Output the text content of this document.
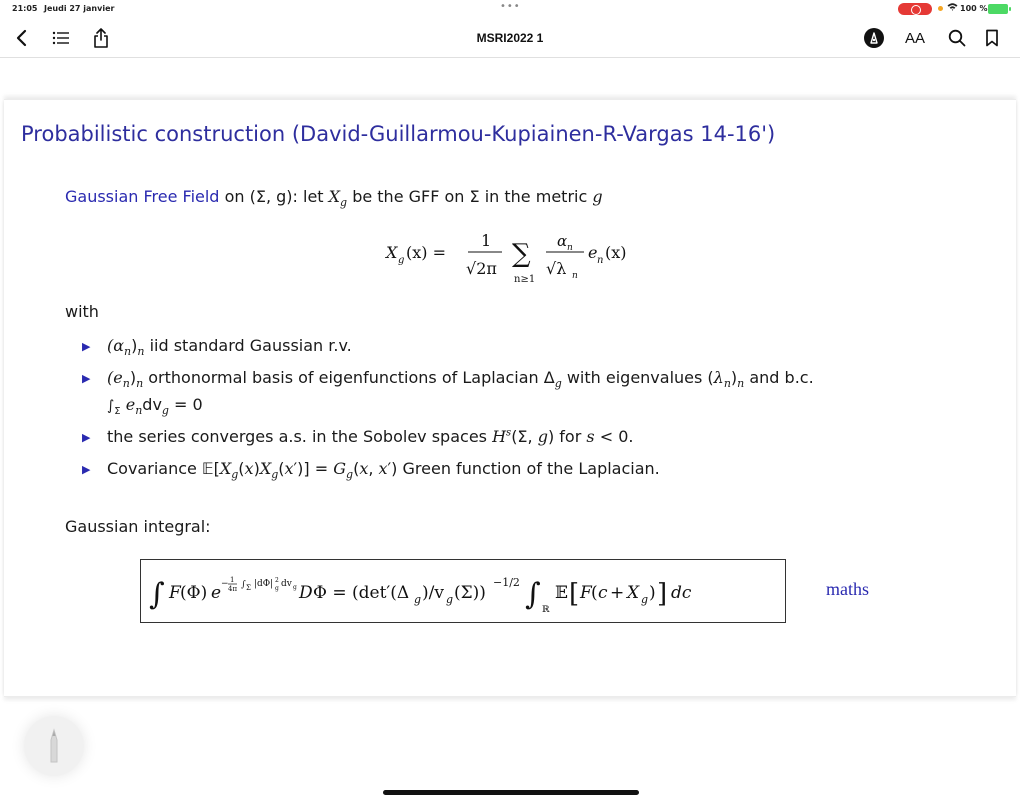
21:05 Jeudi 27 janvier	•••	100 %
MSRI2022 1	AA
Probabilistic construction (David-Guillarmou-Kupiainen-R-Vargas 14-16')
Gaussian Free Field on (Σ, g): let $X_g$ be the GFF on Σ in the metric g
X g (x) =
1
√2π ∑
n≥1
α n
√λ n
e n (x)
with
▶ $(\alpha_n)_n$ iid standard Gaussian r.v.
▶ $(e_n)_n$ orthonormal basis of eigenfunctions of Laplacian $\Delta_g$ with eigenvalues $(\lambda_n)_n$ and b.c.
$\int_\Sigma$ $e_ndv_g = 0$
▶ the series converges a.s. in the Sobolev spaces $H^s(\Sigma$, g) for s < 0.
▶ Covariance $𝔼[X_g(x)X_g(x')] = G_g(x$, x′) Green function of the Laplacian.
Gaussian integral:
∫ F (Φ) e − 1
4π ∫ Σ |dΦ| 2
g dv g D Φ = (det′(Δ g )/v g (Σ))
−1/2 ∫ ℝ
𝔼 [ F ( c + X g ) ] dc	maths
